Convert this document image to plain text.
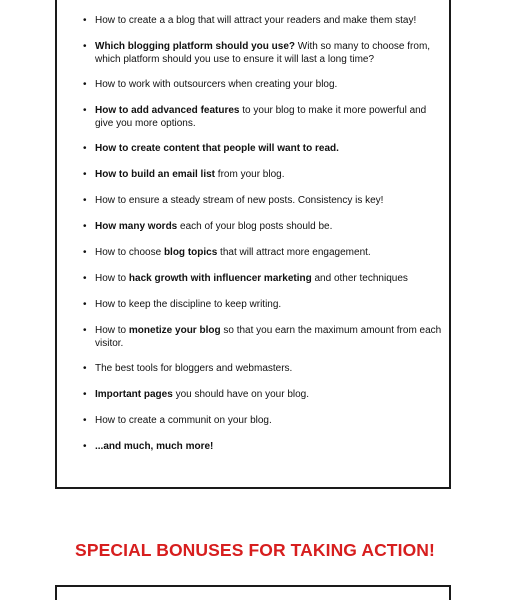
• How to create a a blog that will attract your readers and make them stay!
• Which blogging platform should you use? With so many to choose from, which platform should you use to ensure it will last a long time?
• How to work with outsourcers when creating your blog.
• How to add advanced features to your blog to make it more powerful and give you more options.
• How to create content that people will want to read.
• How to build an email list from your blog.
• How to ensure a steady stream of new posts. Consistency is key!
• How many words each of your blog posts should be.
• How to choose blog topics that will attract more engagement.
• How to hack growth with influencer marketing and other techniques
• How to keep the discipline to keep writing.
• How to monetize your blog so that you earn the maximum amount from each visitor.
• The best tools for bloggers and webmasters.
• Important pages you should have on your blog.
• How to create a communit on your blog.
• ...and much, much more!
SPECIAL BONUSES FOR TAKING ACTION!
